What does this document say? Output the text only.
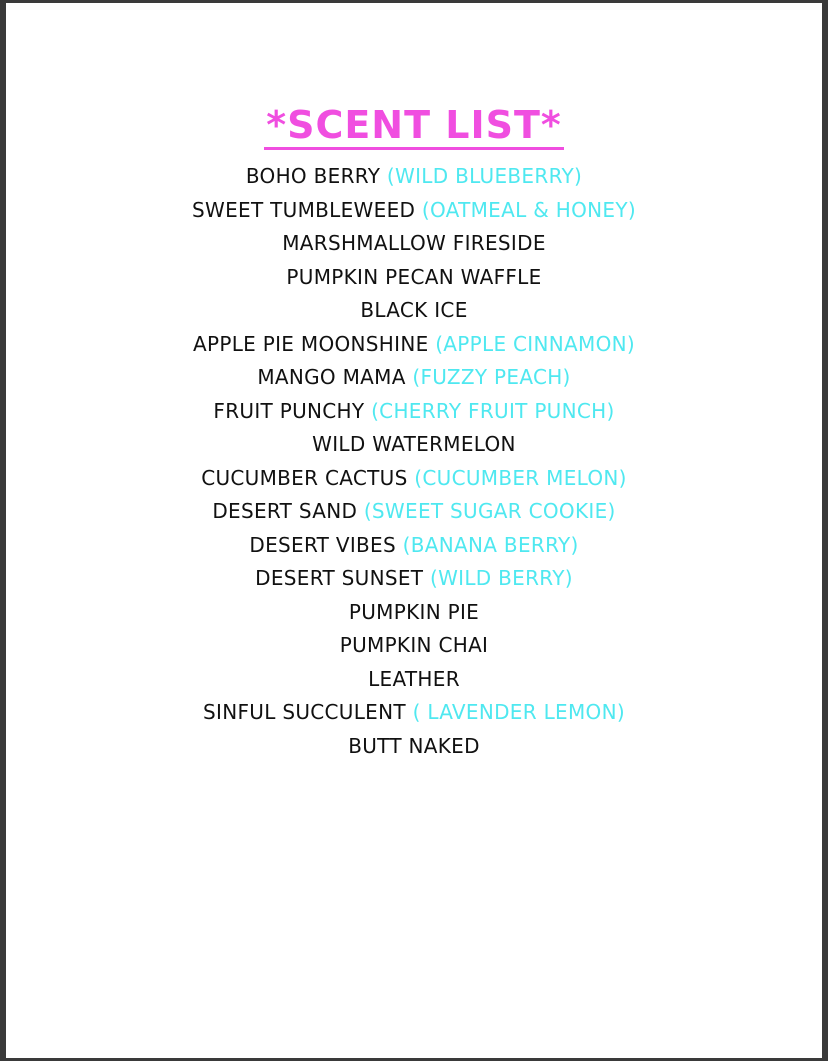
*SCENT LIST*
BOHO BERRY (WILD BLUEBERRY)
SWEET TUMBLEWEED (OATMEAL & HONEY)
MARSHMALLOW FIRESIDE
PUMPKIN PECAN WAFFLE
BLACK ICE
APPLE PIE MOONSHINE (APPLE CINNAMON)
MANGO MAMA (FUZZY PEACH)
FRUIT PUNCHY (CHERRY FRUIT PUNCH)
WILD WATERMELON
CUCUMBER CACTUS (CUCUMBER MELON)
DESERT SAND (SWEET SUGAR COOKIE)
DESERT VIBES (BANANA BERRY)
DESERT SUNSET (WILD BERRY)
PUMPKIN PIE
PUMPKIN CHAI
LEATHER
SINFUL SUCCULENT ( LAVENDER LEMON)
BUTT NAKED
